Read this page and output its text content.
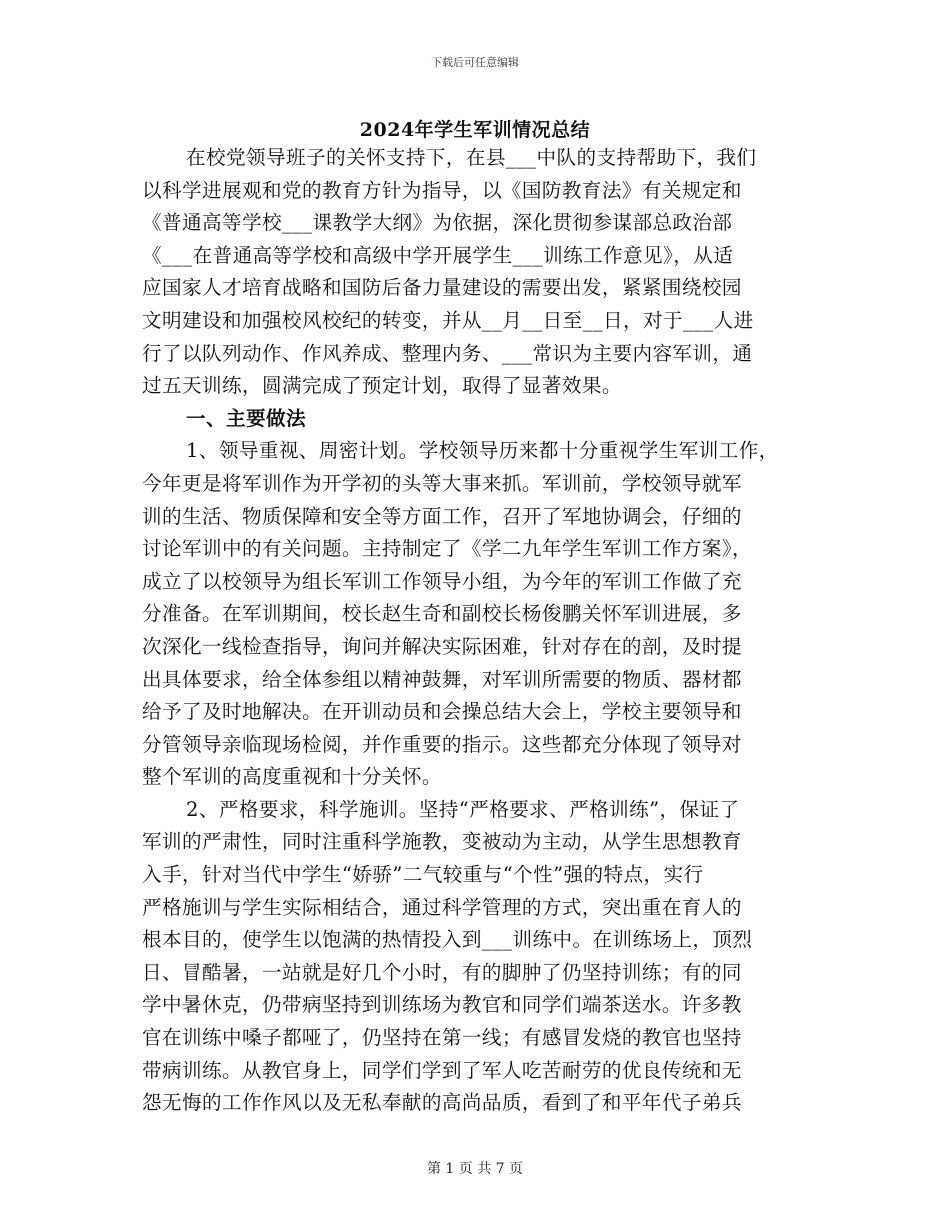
下载后可任意编辑
2024年学生军训情况总结
在校党领导班子的关怀支持下，在县___中队的支持帮助下，我们
以科学进展观和党的教育方针为指导，以《国防教育法》有关规定和
《普通高等学校___课教学大纲》为依据，深化贯彻参谋部总政治部
《___在普通高等学校和高级中学开展学生___训练工作意见》，从适
应国家人才培育战略和国防后备力量建设的需要出发，紧紧围绕校园
文明建设和加强校风校纪的转变，并从__月__日至__日，对于___人进
行了以队列动作、作风养成、整理内务、___常识为主要内容军训，通
过五天训练，圆满完成了预定计划，取得了显著效果。
一、主要做法
1、领导重视、周密计划。学校领导历来都十分重视学生军训工作，
今年更是将军训作为开学初的头等大事来抓。军训前，学校领导就军
训的生活、物质保障和安全等方面工作，召开了军地协调会，仔细的
讨论军训中的有关问题。主持制定了《学二九年学生军训工作方案》，
成立了以校领导为组长军训工作领导小组，为今年的军训工作做了充
分准备。在军训期间，校长赵生奇和副校长杨俊鹏关怀军训进展，多
次深化一线检查指导，询问并解决实际困难，针对存在的剖，及时提
出具体要求，给全体参组以精神鼓舞，对军训所需要的物质、器材都
给予了及时地解决。在开训动员和会操总结大会上，学校主要领导和
分管领导亲临现场检阅，并作重要的指示。这些都充分体现了领导对
整个军训的高度重视和十分关怀。
2、严格要求，科学施训。坚持“严格要求、严格训练”，保证了
军训的严肃性，同时注重科学施教，变被动为主动，从学生思想教育
入手，针对当代中学生“娇骄”二气较重与“个性”强的特点，实行
严格施训与学生实际相结合，通过科学管理的方式，突出重在育人的
根本目的，使学生以饱满的热情投入到___训练中。在训练场上，顶烈
日、冒酷暑，一站就是好几个小时，有的脚肿了仍坚持训练；有的同
学中暑休克，仍带病坚持到训练场为教官和同学们端茶送水。许多教
官在训练中嗓子都哑了，仍坚持在第一线；有感冒发烧的教官也坚持
带病训练。从教官身上，同学们学到了军人吃苦耐劳的优良传统和无
怨无悔的工作作风以及无私奉献的高尚品质，看到了和平年代子弟兵
第 1 页 共 7 页
